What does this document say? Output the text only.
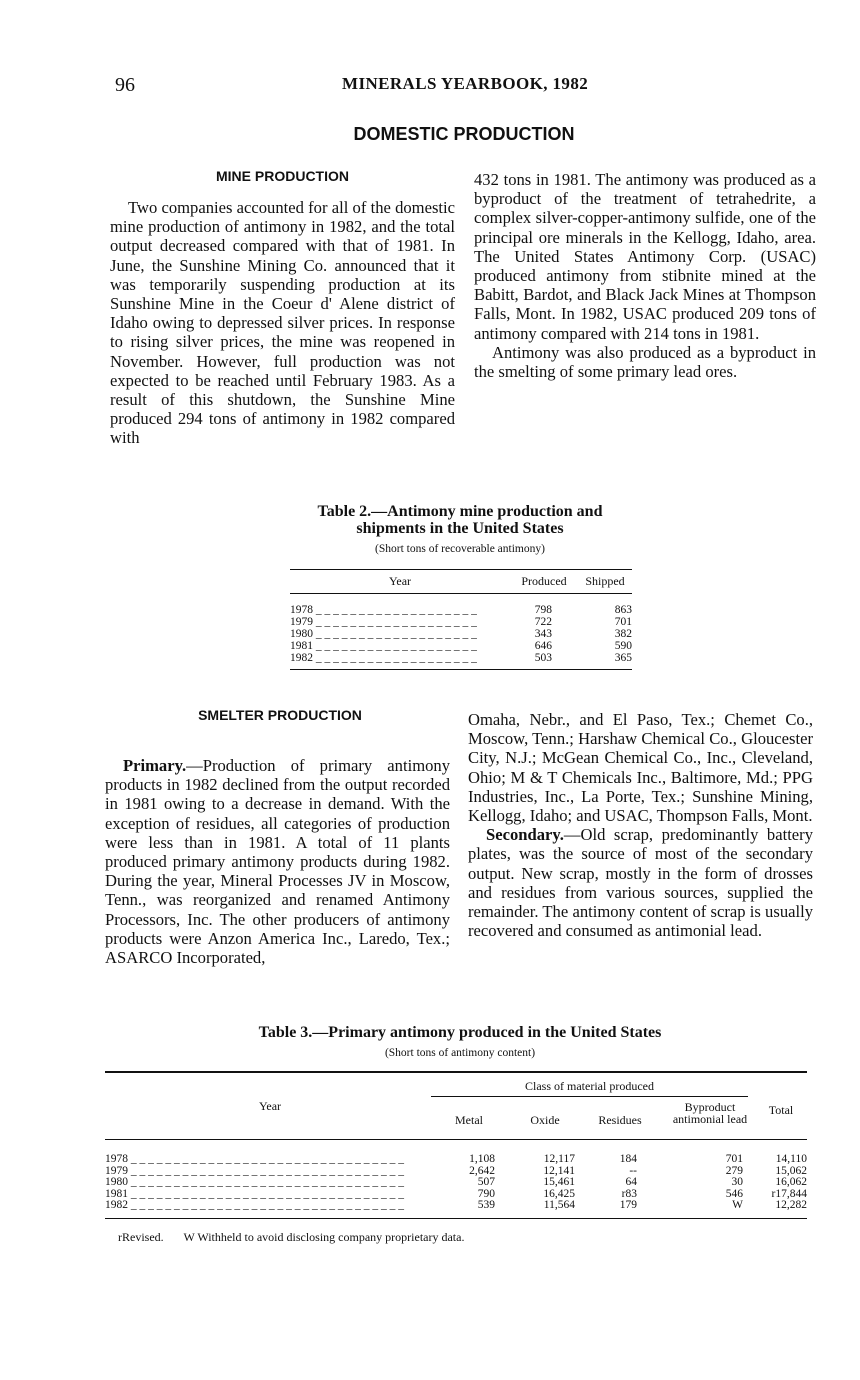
96	MINERALS YEARBOOK, 1982
DOMESTIC PRODUCTION
MINE PRODUCTION

Two companies accounted for all of the domestic mine production of antimony in 1982, and the total output decreased compared with that of 1981. In June, the Sunshine Mining Co. announced that it was temporarily suspending production at its Sunshine Mine in the Coeur d' Alene district of Idaho owing to depressed silver prices. In response to rising silver prices, the mine was reopened in November. However, full production was not expected to be reached until February 1983. As a result of this shutdown, the Sunshine Mine produced 294 tons of antimony in 1982 compared with

432 tons in 1981. The antimony was produced as a byproduct of the treatment of tetrahedrite, a complex silver-copper-antimony sulfide, one of the principal ore minerals in the Kellogg, Idaho, area. The United States Antimony Corp. (USAC) produced antimony from stibnite mined at the Babitt, Bardot, and Black Jack Mines at Thompson Falls, Mont. In 1982, USAC produced 209 tons of antimony compared with 214 tons in 1981.

Antimony was also produced as a byproduct in the smelting of some primary lead ores.

Table 2.—Antimony mine production and
shipments in the United States
(Short tons of recoverable antimony)
Year	Produced	Shipped
1978 _ _ _ _ _ _ _ _ _ _ _ _ _ _ _ _ _ _ _	798	863
1979 _ _ _ _ _ _ _ _ _ _ _ _ _ _ _ _ _ _ _	722	701
1980 _ _ _ _ _ _ _ _ _ _ _ _ _ _ _ _ _ _ _	343	382
1981 _ _ _ _ _ _ _ _ _ _ _ _ _ _ _ _ _ _ _	646	590
1982 _ _ _ _ _ _ _ _ _ _ _ _ _ _ _ _ _ _ _	503	365
SMELTER PRODUCTION

Primary.—Production of primary antimony products in 1982 declined from the output recorded in 1981 owing to a decrease in demand. With the exception of residues, all categories of production were less than in 1981. A total of 11 plants produced primary antimony products during 1982. During the year, Mineral Processes JV in Moscow, Tenn., was reorganized and renamed Antimony Processors, Inc. The other producers of antimony products were Anzon America Inc., Laredo, Tex.; ASARCO Incorporated,

Omaha, Nebr., and El Paso, Tex.; Chemet Co., Moscow, Tenn.; Harshaw Chemical Co., Gloucester City, N.J.; McGean Chemical Co., Inc., Cleveland, Ohio; M & T Chemicals Inc., Baltimore, Md.; PPG Industries, Inc., La Porte, Tex.; Sunshine Mining, Kellogg, Idaho; and USAC, Thompson Falls, Mont.

Secondary.—Old scrap, predominantly battery plates, was the source of most of the secondary output. New scrap, mostly in the form of drosses and residues from various sources, supplied the remainder. The antimony content of scrap is usually recovered and consumed as antimonial lead.

Table 3.—Primary antimony produced in the United States
(Short tons of antimony content)
Year
Class of material produced
Metal	Oxide	Residues
Byproduct antimonial lead
Total
1978 _ _ _ _ _ _ _ _ _ _ _ _ _ _ _ _ _ _ _ _ _ _ _ _ _ _ _ _ _ _ _ _	1,108	12,117	184	701	14,110
1979 _ _ _ _ _ _ _ _ _ _ _ _ _ _ _ _ _ _ _ _ _ _ _ _ _ _ _ _ _ _ _ _	2,642	12,141	--	279	15,062
1980 _ _ _ _ _ _ _ _ _ _ _ _ _ _ _ _ _ _ _ _ _ _ _ _ _ _ _ _ _ _ _ _	507	15,461	64	30	16,062
1981 _ _ _ _ _ _ _ _ _ _ _ _ _ _ _ _ _ _ _ _ _ _ _ _ _ _ _ _ _ _ _ _	790	16,425	r83	546	r17,844
1982 _ _ _ _ _ _ _ _ _ _ _ _ _ _ _ _ _ _ _ _ _ _ _ _ _ _ _ _ _ _ _ _	539	11,564	179	W	12,282
rRevised. W Withheld to avoid disclosing company proprietary data.
